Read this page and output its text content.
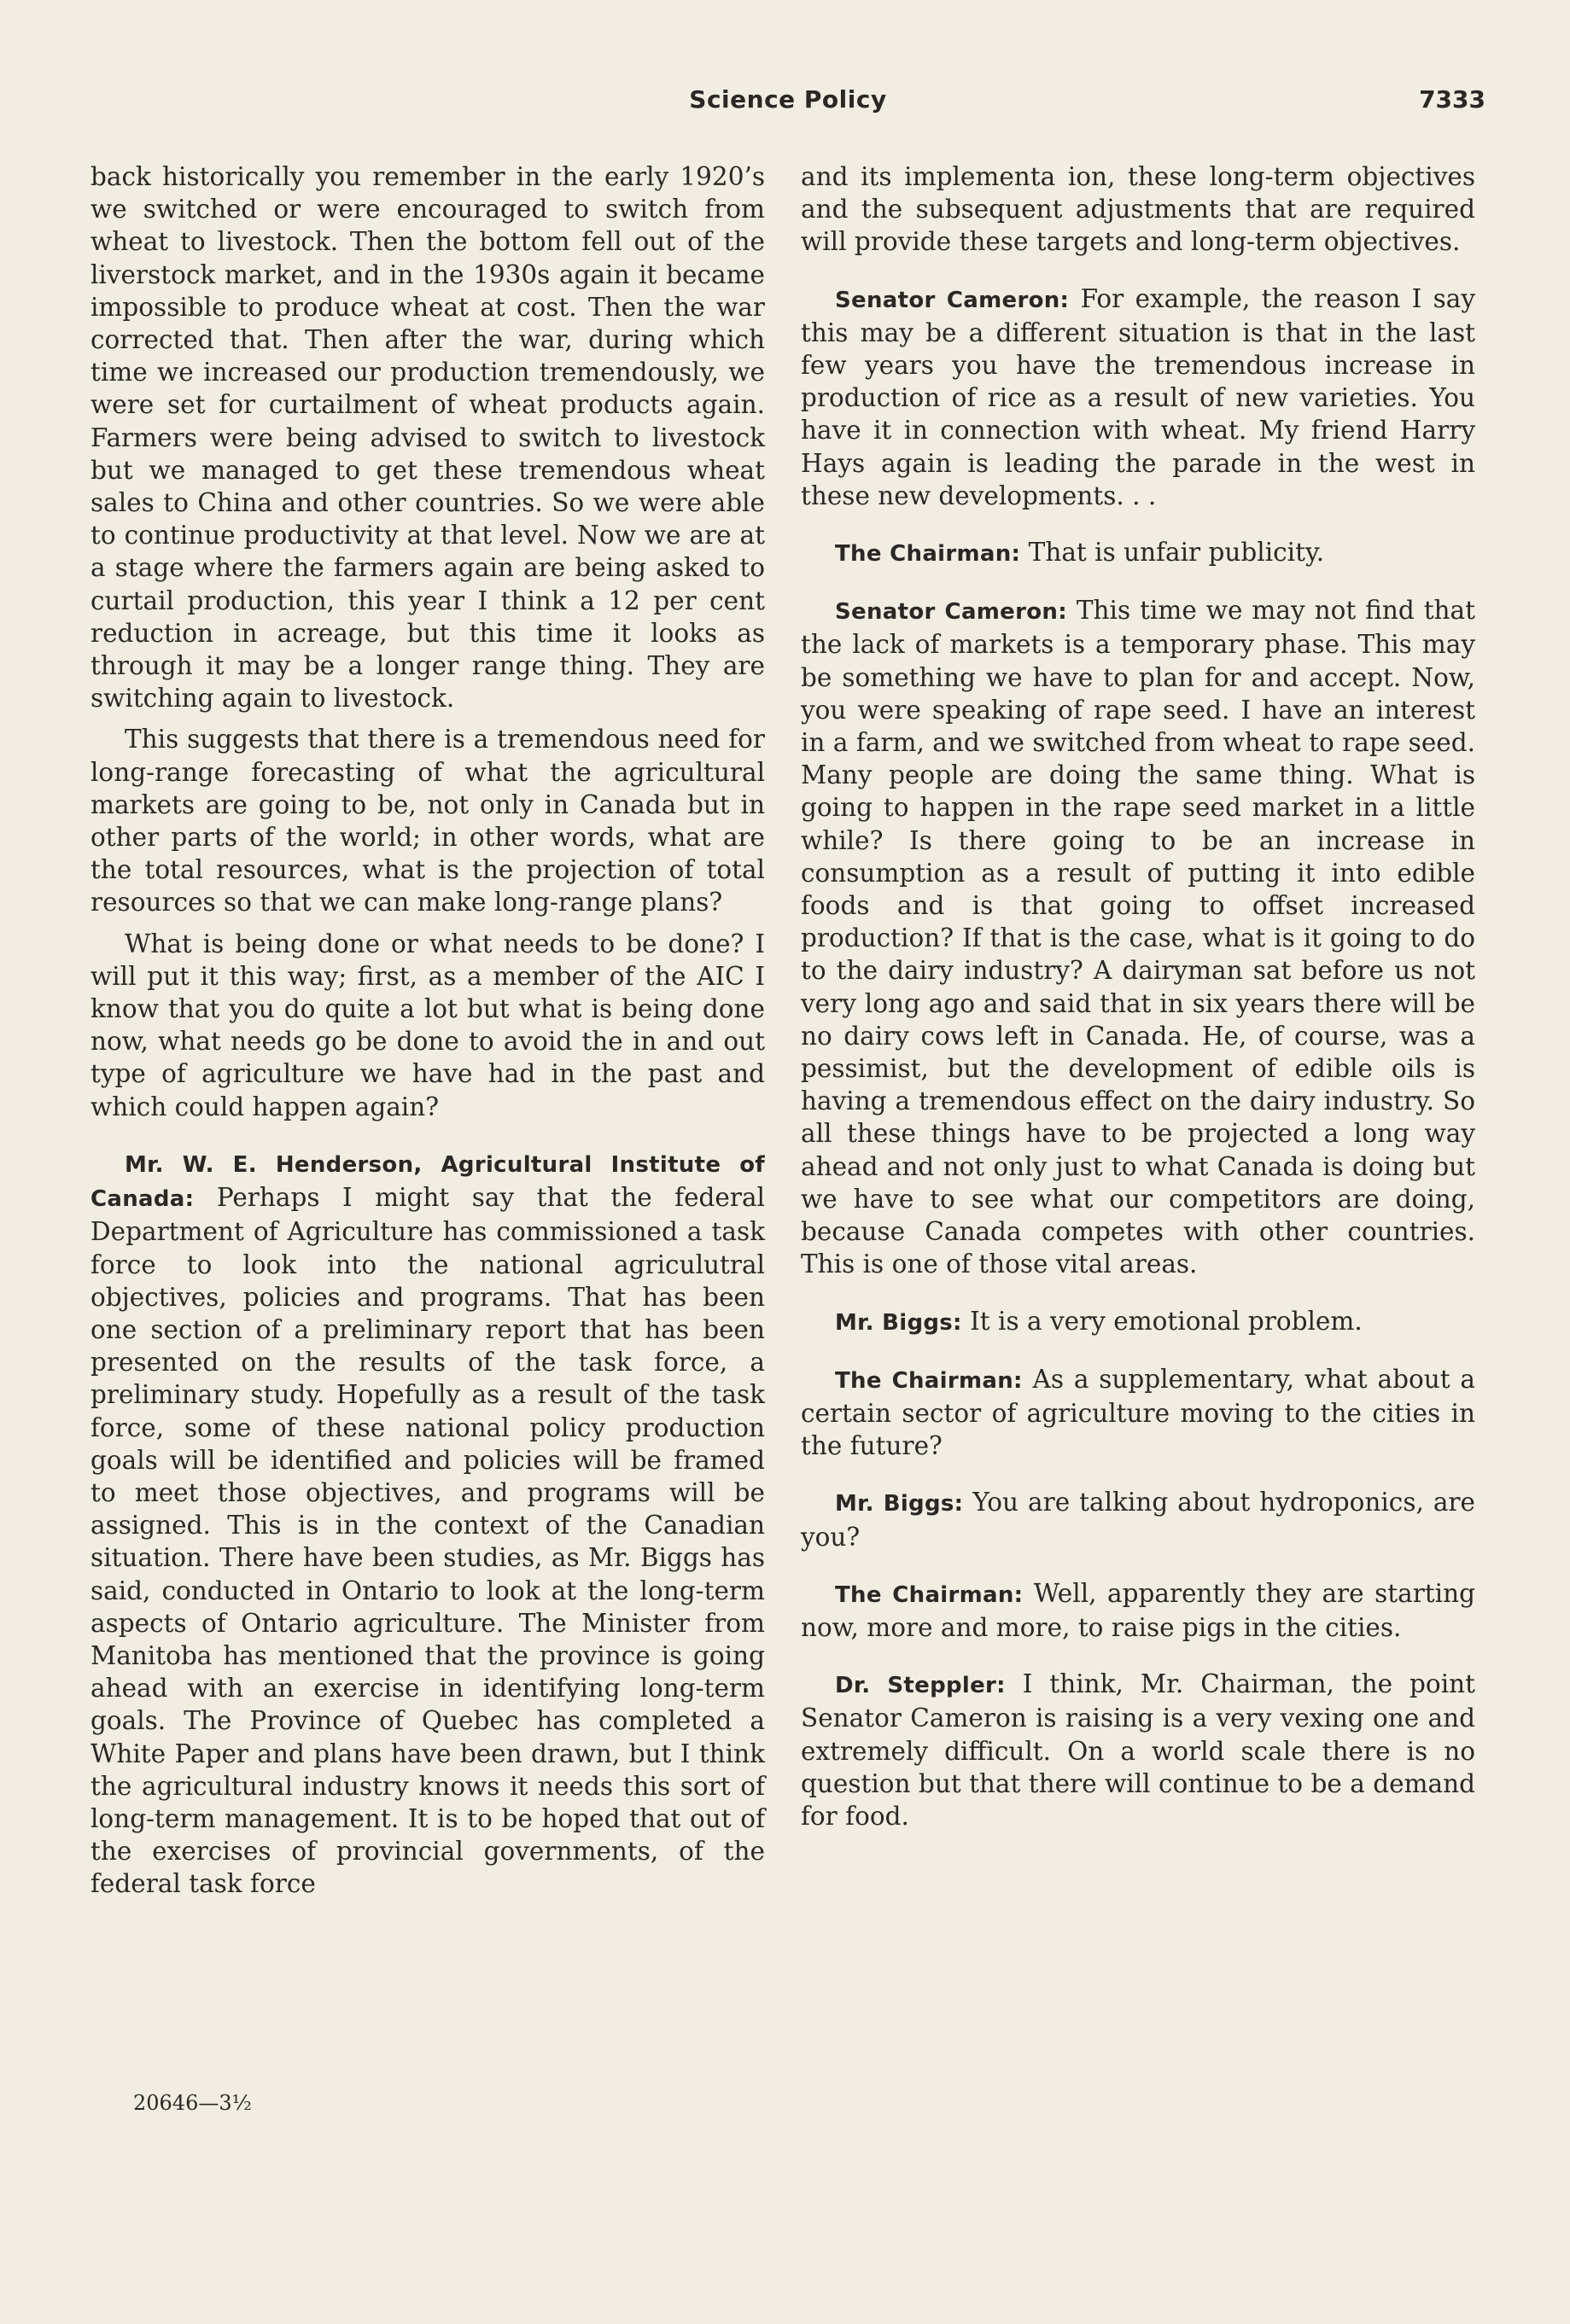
Science Policy	7333

back historically you remember in the early 1920’s we switched or were encouraged to switch from wheat to livestock. Then the bottom fell out of the liverstock market, and in the 1930s again it became impossible to produce wheat at cost. Then the war corrected that. Then after the war, during which time we increased our production tremendously, we were set for curtailment of wheat products again. Farmers were being advised to switch to livestock but we managed to get these tremendous wheat sales to China and other countries. So we were able to continue productivity at that level. Now we are at a stage where the farmers again are being asked to curtail production, this year I think a 12 per cent reduction in acreage, but this time it looks as through it may be a longer range thing. They are switching again to livestock.

This suggests that there is a tremendous need for long-range forecasting of what the agricultural markets are going to be, not only in Canada but in other parts of the world; in other words, what are the total resources, what is the projection of total resources so that we can make long-range plans?

What is being done or what needs to be done? I will put it this way; first, as a member of the AIC I know that you do quite a lot but what is being done now, what needs go be done to avoid the in and out type of agriculture we have had in the past and which could happen again?

Mr. W. E. Henderson, Agricultural Institute of Canada: Perhaps I might say that the federal Department of Agriculture has commissioned a task force to look into the national agriculutral objectives, policies and programs. That has been one section of a preliminary report that has been presented on the results of the task force, a preliminary study. Hopefully as a result of the task force, some of these national policy production goals will be identified and policies will be framed to meet those objectives, and programs will be assigned. This is in the context of the Canadian situation. There have been studies, as Mr. Biggs has said, conducted in Ontario to look at the long-term aspects of Ontario agriculture. The Minister from Manitoba has mentioned that the province is going ahead with an exercise in identifying long-term goals. The Province of Quebec has completed a White Paper and plans have been drawn, but I think the agricultural industry knows it needs this sort of long-term management. It is to be hoped that out of the exercises of provincial governments, of the federal task force

and its implementa ion, these long-term objectives and the subsequent adjustments that are required will provide these targets and long-term objectives.

Senator Cameron: For example, the reason I say this may be a different situation is that in the last few years you have the tremendous increase in production of rice as a result of new varieties. You have it in connection with wheat. My friend Harry Hays again is leading the parade in the west in these new developments. . .

The Chairman: That is unfair publicity.

Senator Cameron: This time we may not find that the lack of markets is a temporary phase. This may be something we have to plan for and accept. Now, you were speaking of rape seed. I have an interest in a farm, and we switched from wheat to rape seed. Many people are doing the same thing. What is going to happen in the rape seed market in a little while? Is there going to be an increase in consumption as a result of putting it into edible foods and is that going to offset increased production? If that is the case, what is it going to do to the dairy industry? A dairyman sat before us not very long ago and said that in six years there will be no dairy cows left in Canada. He, of course, was a pessimist, but the development of edible oils is having a tremendous effect on the dairy industry. So all these things have to be projected a long way ahead and not only just to what Canada is doing but we have to see what our competitors are doing, because Canada competes with other countries. This is one of those vital areas.

Mr. Biggs: It is a very emotional problem.

The Chairman: As a supplementary, what about a certain sector of agriculture moving to the cities in the future?

Mr. Biggs: You are talking about hydroponics, are you?

The Chairman: Well, apparently they are starting now, more and more, to raise pigs in the cities.

Dr. Steppler: I think, Mr. Chairman, the point Senator Cameron is raising is a very vexing one and extremely difficult. On a world scale there is no question but that there will continue to be a demand for food.

20646—3½
